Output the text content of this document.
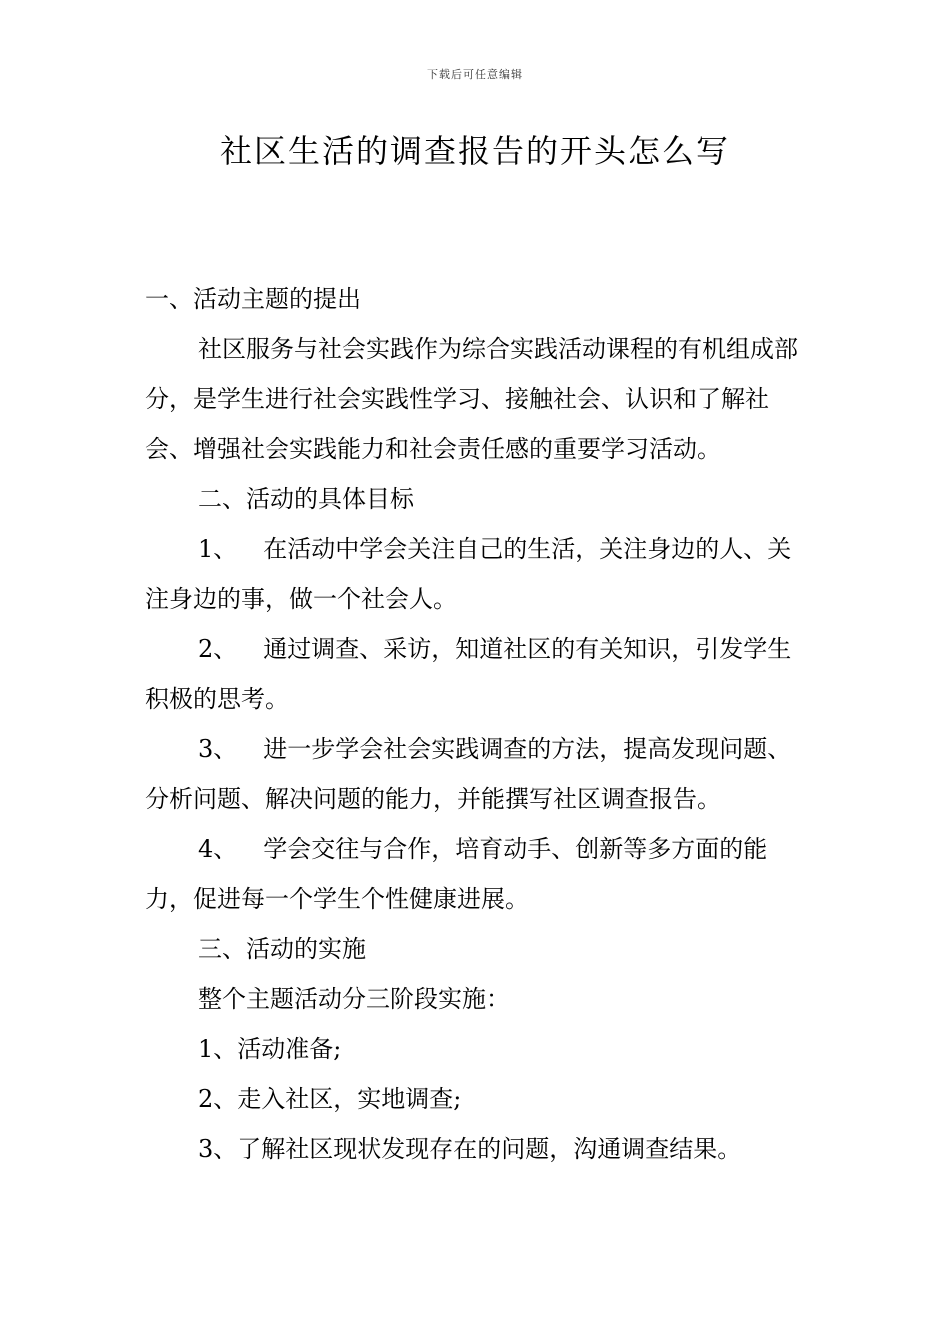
下载后可任意编辑
社区生活的调查报告的开头怎么写

一、活动主题的提出

社区服务与社会实践作为综合实践活动课程的有机组成部分，是学生进行社会实践性学习、接触社会、认识和了解社会、增强社会实践能力和社会责任感的重要学习活动。

二、活动的具体目标

1、 在活动中学会关注自己的生活，关注身边的人、关注身边的事，做一个社会人。

2、 通过调查、采访，知道社区的有关知识，引发学生积极的思考。

3、 进一步学会社会实践调查的方法，提高发现问题、分析问题、解决问题的能力，并能撰写社区调查报告。

4、 学会交往与合作，培育动手、创新等多方面的能力，促进每一个学生个性健康进展。

三、活动的实施

整个主题活动分三阶段实施：

1、活动准备;

2、走入社区，实地调查;

3、了解社区现状发现存在的问题，沟通调查结果。
